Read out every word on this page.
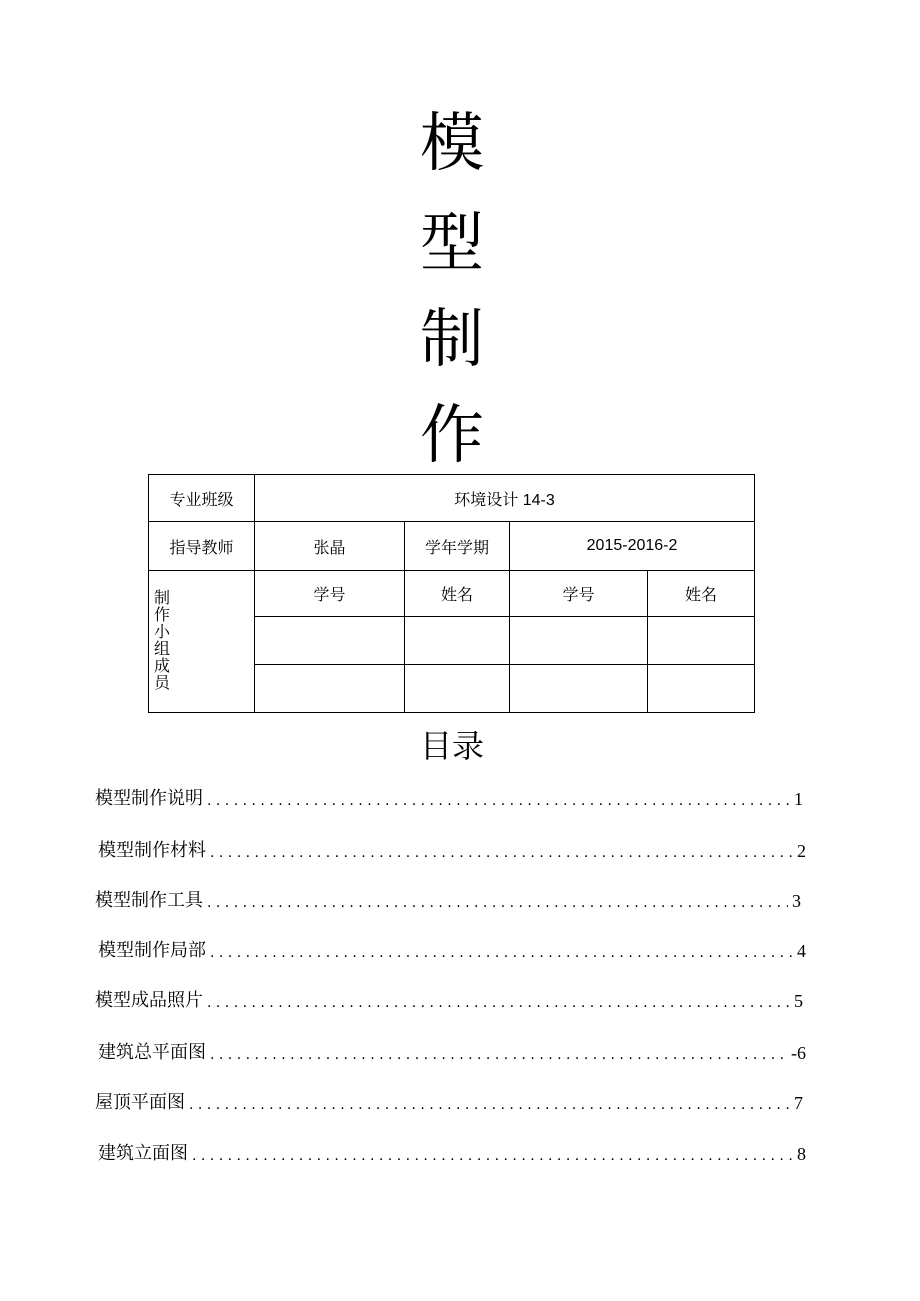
模
型
制
作
专业班级	环境设计 14-3			
指导教师	张晶	学年学期	2015-2016-2	
制作小组成员	学号	姓名	学号	姓名

目录
模型制作说明 . . .	1
模型制作材料 . . .	2
模型制作工具 . . .	3
模型制作局部 . . .	4
模型成品照片 . . .	5
建筑总平面图 . . .	-6
屋顶平面图 . . .	7
建筑立面图 . . .	8
